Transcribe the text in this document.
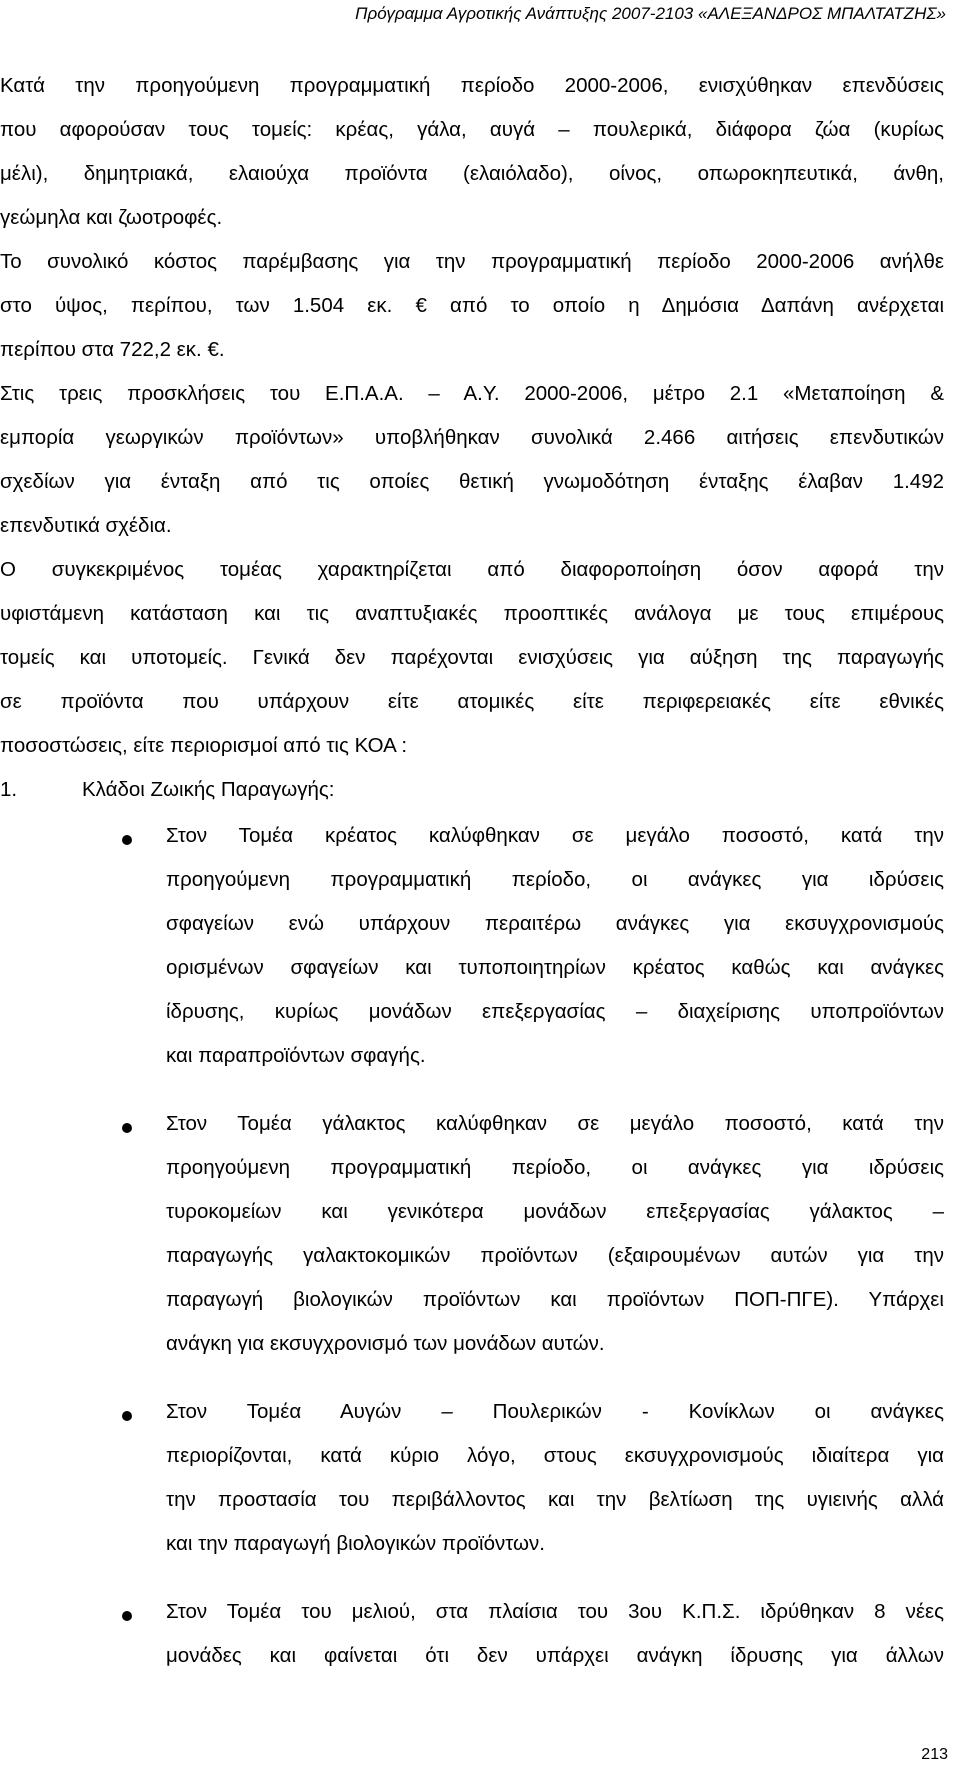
Πρόγραμμα Αγροτικής Ανάπτυξης 2007-2103 «ΑΛΕΞΑΝΔΡΟΣ ΜΠΑΛΤΑΤΖΗΣ»

Κατά την προηγούμενη προγραμματική περίοδο 2000-2006, ενισχύθηκαν επενδύσεις

που αφορούσαν τους τομείς: κρέας, γάλα, αυγά – πουλερικά, διάφορα ζώα (κυρίως

μέλι), δημητριακά, ελαιούχα προϊόντα (ελαιόλαδο), οίνος, οπωροκηπευτικά, άνθη,

γεώμηλα και ζωοτροφές.

Το συνολικό κόστος παρέμβασης για την προγραμματική περίοδο 2000-2006 ανήλθε

στο ύψος, περίπου, των 1.504 εκ. € από το οποίο η Δημόσια Δαπάνη ανέρχεται

περίπου στα 722,2 εκ. €.

Στις τρεις προσκλήσεις του Ε.Π.Α.Α. – Α.Υ. 2000-2006, μέτρο 2.1 «Μεταποίηση &

εμπορία γεωργικών προϊόντων» υποβλήθηκαν συνολικά 2.466 αιτήσεις επενδυτικών

σχεδίων για ένταξη από τις οποίες θετική γνωμοδότηση ένταξης έλαβαν 1.492

επενδυτικά σχέδια.

Ο συγκεκριμένος τομέας χαρακτηρίζεται από διαφοροποίηση όσον αφορά την

υφιστάμενη κατάσταση και τις αναπτυξιακές προοπτικές ανάλογα με τους επιμέρους

τομείς και υποτομείς. Γενικά δεν παρέχονται ενισχύσεις για αύξηση της παραγωγής

σε προϊόντα που υπάρχουν είτε ατομικές είτε περιφερειακές είτε εθνικές

ποσοστώσεις, είτε περιορισμοί από τις ΚΟΑ :

1.	Κλάδοι Ζωικής Παραγωγής:

Στον Τομέα κρέατος καλύφθηκαν σε μεγάλο ποσοστό, κατά την

προηγούμενη προγραμματική περίοδο, οι ανάγκες για ιδρύσεις

σφαγείων ενώ υπάρχουν περαιτέρω ανάγκες για εκσυγχρονισμούς

ορισμένων σφαγείων και τυποποιητηρίων κρέατος καθώς και ανάγκες

ίδρυσης, κυρίως μονάδων επεξεργασίας – διαχείρισης υποπροϊόντων

και παραπροϊόντων σφαγής.

Στον Τομέα γάλακτος καλύφθηκαν σε μεγάλο ποσοστό, κατά την

προηγούμενη προγραμματική περίοδο, οι ανάγκες για ιδρύσεις

τυροκομείων και γενικότερα μονάδων επεξεργασίας γάλακτος –

παραγωγής γαλακτοκομικών προϊόντων (εξαιρουμένων αυτών για την

παραγωγή βιολογικών προϊόντων και προϊόντων ΠΟΠ-ΠΓΕ). Υπάρχει

ανάγκη για εκσυγχρονισμό των μονάδων αυτών.

Στον Τομέα Αυγών – Πουλερικών - Κονίκλων οι ανάγκες

περιορίζονται, κατά κύριο λόγο, στους εκσυγχρονισμούς ιδιαίτερα για

την προστασία του περιβάλλοντος και την βελτίωση της υγιεινής αλλά

και την παραγωγή βιολογικών προϊόντων.

Στον Τομέα του μελιού, στα πλαίσια του 3ου Κ.Π.Σ. ιδρύθηκαν 8 νέες

μονάδες και φαίνεται ότι δεν υπάρχει ανάγκη ίδρυσης για άλλων

213
